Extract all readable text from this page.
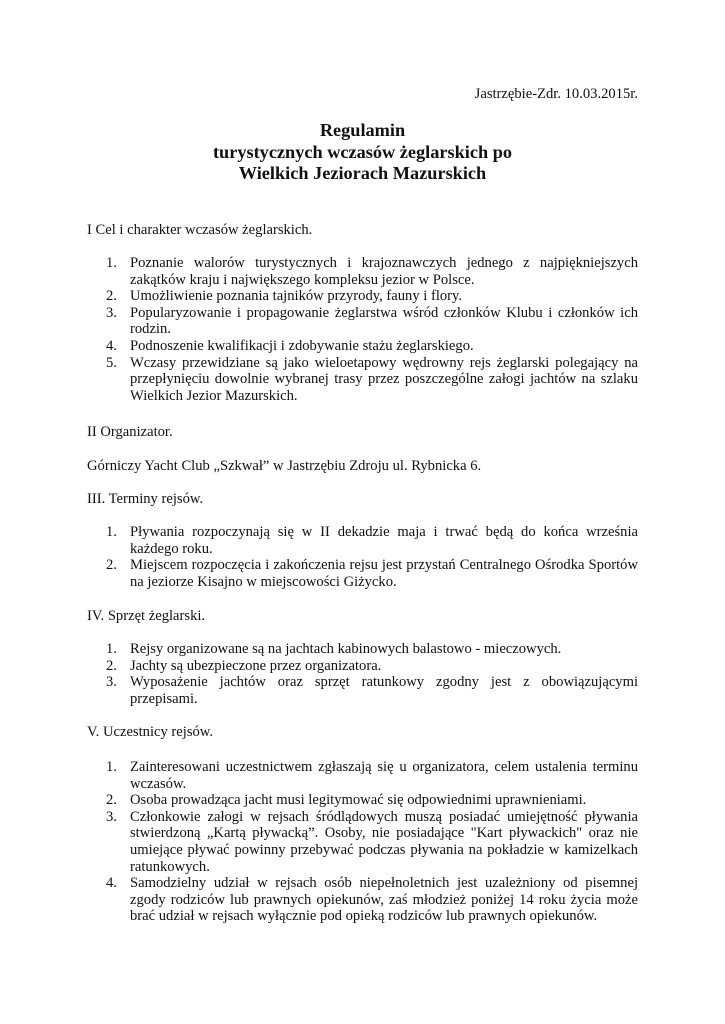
Jastrzębie-Zdr. 10.03.2015r.

Regulamin
turystycznych wczasów żeglarskich po
Wielkich Jeziorach Mazurskich

I Cel i charakter wczasów żeglarskich.

1. Poznanie walorów turystycznych i krajoznawczych jednego z najpiękniejszych zakątków kraju i największego kompleksu jezior w Polsce.
2. Umożliwienie poznania tajników przyrody, fauny i flory.
3. Popularyzowanie i propagowanie żeglarstwa wśród członków Klubu i członków ich rodzin.
4. Podnoszenie kwalifikacji i zdobywanie stażu żeglarskiego.
5. Wczasy przewidziane są jako wieloetapowy wędrowny rejs żeglarski polegający na przepłynięciu dowolnie wybranej trasy przez poszczególne załogi jachtów na szlaku Wielkich Jezior Mazurskich.

II Organizator.

Górniczy Yacht Club „Szkwał” w Jastrzębiu Zdroju ul. Rybnicka 6.

III. Terminy rejsów.

1. Pływania rozpoczynają się w II dekadzie maja i trwać będą do końca września każdego roku.
2. Miejscem rozpoczęcia i zakończenia rejsu jest przystań Centralnego Ośrodka Sportów na jeziorze Kisajno w miejscowości Giżycko.

IV. Sprzęt żeglarski.

1. Rejsy organizowane są na jachtach kabinowych balastowo - mieczowych.
2. Jachty są ubezpieczone przez organizatora.
3. Wyposażenie jachtów oraz sprzęt ratunkowy zgodny jest z obowiązującymi przepisami.

V. Uczestnicy rejsów.

1. Zainteresowani uczestnictwem zgłaszają się u organizatora, celem ustalenia terminu wczasów.
2. Osoba prowadząca jacht musi legitymować się odpowiednimi uprawnieniami.
3. Członkowie załogi w rejsach śródlądowych muszą posiadać umiejętność pływania stwierdzoną „Kartą pływacką”. Osoby, nie posiadające "Kart pływackich" oraz nie umiejące pływać powinny przebywać podczas pływania na pokładzie w kamizelkach ratunkowych.
4. Samodzielny udział w rejsach osób niepełnoletnich jest uzależniony od pisemnej zgody rodziców lub prawnych opiekunów, zaś młodzież poniżej 14 roku życia może brać udział w rejsach wyłącznie pod opieką rodziców lub prawnych opiekunów.
